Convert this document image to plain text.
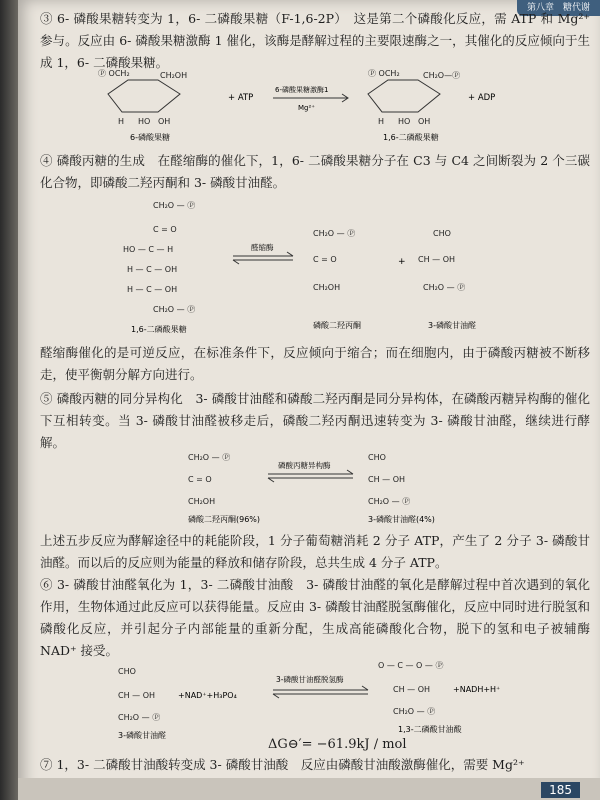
第八章　糖代谢
③ 6- 磷酸果糖转变为 1，6- 二磷酸果糖（F-1,6-2P）　这是第二个磷酸化反应，需 ATP 和 Mg²⁺ 参与。反应由 6- 磷酸果糖激酶 1 催化，该酶是酵解过程的主要限速酶之一，其催化的反应倾向于生成 1，6- 二磷酸果糖。
Ⓟ OCH₂	CH₂OH
H HO OH
Ⓟ OCH₂	CH₂O—Ⓟ
H HO OH
+ ATP
6-磷酸果糖激酶1
Mg²⁺
+ ADP
6-磷酸果糖	1,6-二磷酸果糖
④ 磷酸丙糖的生成　在醛缩酶的催化下，1，6- 二磷酸果糖分子在 C3 与 C4 之间断裂为 2 个三碳化合物，即磷酸二羟丙酮和 3- 磷酸甘油醛。
CH₂O — Ⓟ
C = O
HO — C — H
H — C — OH
H — C — OH
CH₂O — Ⓟ
CH₂O — Ⓟ
C = O
CH₂OH
CHO
CH — OH
CH₂O — Ⓟ
醛缩酶
+
1,6-二磷酸果糖	磷酸二羟丙酮	3-磷酸甘油醛
醛缩酶催化的是可逆反应，在标准条件下，反应倾向于缩合；而在细胞内，由于磷酸丙糖被不断移走，使平衡朝分解方向进行。
⑤ 磷酸丙糖的同分异构化　3- 磷酸甘油醛和磷酸二羟丙酮是同分异构体，在磷酸丙糖异构酶的催化下互相转变。当 3- 磷酸甘油醛被移走后，磷酸二羟丙酮迅速转变为 3- 磷酸甘油醛，继续进行酵解。
CH₂O — Ⓟ
C = O
CH₂OH
CHO
CH — OH
CH₂O — Ⓟ
磷酸丙糖异构酶
磷酸二羟丙酮(96%)	3-磷酸甘油醛(4%)
上述五步反应为酵解途径中的耗能阶段，1 分子葡萄糖消耗 2 分子 ATP，产生了 2 分子 3- 磷酸甘油醛。而以后的反应则为能量的释放和储存阶段，总共生成 4 分子 ATP。
⑥ 3- 磷酸甘油醛氧化为 1，3- 二磷酸甘油酸　3- 磷酸甘油醛的氧化是酵解过程中首次遇到的氧化作用，生物体通过此反应可以获得能量。反应由 3- 磷酸甘油醛脱氢酶催化，反应中同时进行脱氢和磷酸化反应，并引起分子内部能量的重新分配，生成高能磷酸化合物，脱下的氢和电子被辅酶 NAD⁺ 接受。
CHO
CH — OH
CH₂O — Ⓟ
O — C — O — Ⓟ
CH — OH
CH₂O — Ⓟ
+NAD⁺+H₃PO₄
3-磷酸甘油醛脱氢酶
+NADH+H⁺
3-磷酸甘油醛
1,3-二磷酸甘油酸
ΔG⊖′= −61.9kJ / mol
⑦ 1，3- 二磷酸甘油酸转变成 3- 磷酸甘油酸　反应由磷酸甘油酸激酶催化，需要 Mg²⁺
185
